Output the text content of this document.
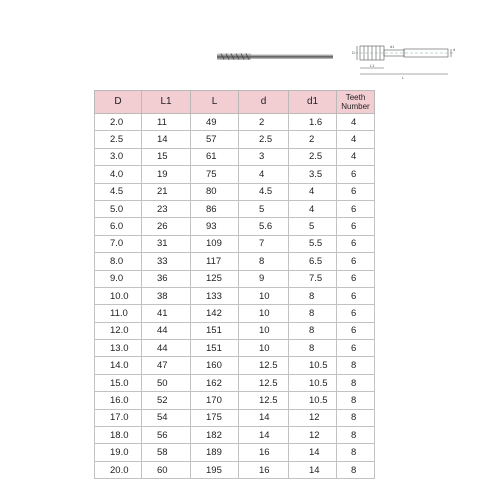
D
L1
L
d
d1
D	L1	L	d	d1	Teeth Number
2.0	11	49	2	1.6	4
2.5	14	57	2.5	2	4
3.0	15	61	3	2.5	4
4.0	19	75	4	3.5	6
4.5	21	80	4.5	4	6
5.0	23	86	5	4	6
6.0	26	93	5.6	5	6
7.0	31	109	7	5.5	6
8.0	33	117	8	6.5	6
9.0	36	125	9	7.5	6
10.0	38	133	10	8	6
11.0	41	142	10	8	6
12.0	44	151	10	8	6
13.0	44	151	10	8	6
14.0	47	160	12.5	10.5	8
15.0	50	162	12.5	10.5	8
16.0	52	170	12.5	10.5	8
17.0	54	175	14	12	8
18.0	56	182	14	12	8
19.0	58	189	16	14	8
20.0	60	195	16	14	8
